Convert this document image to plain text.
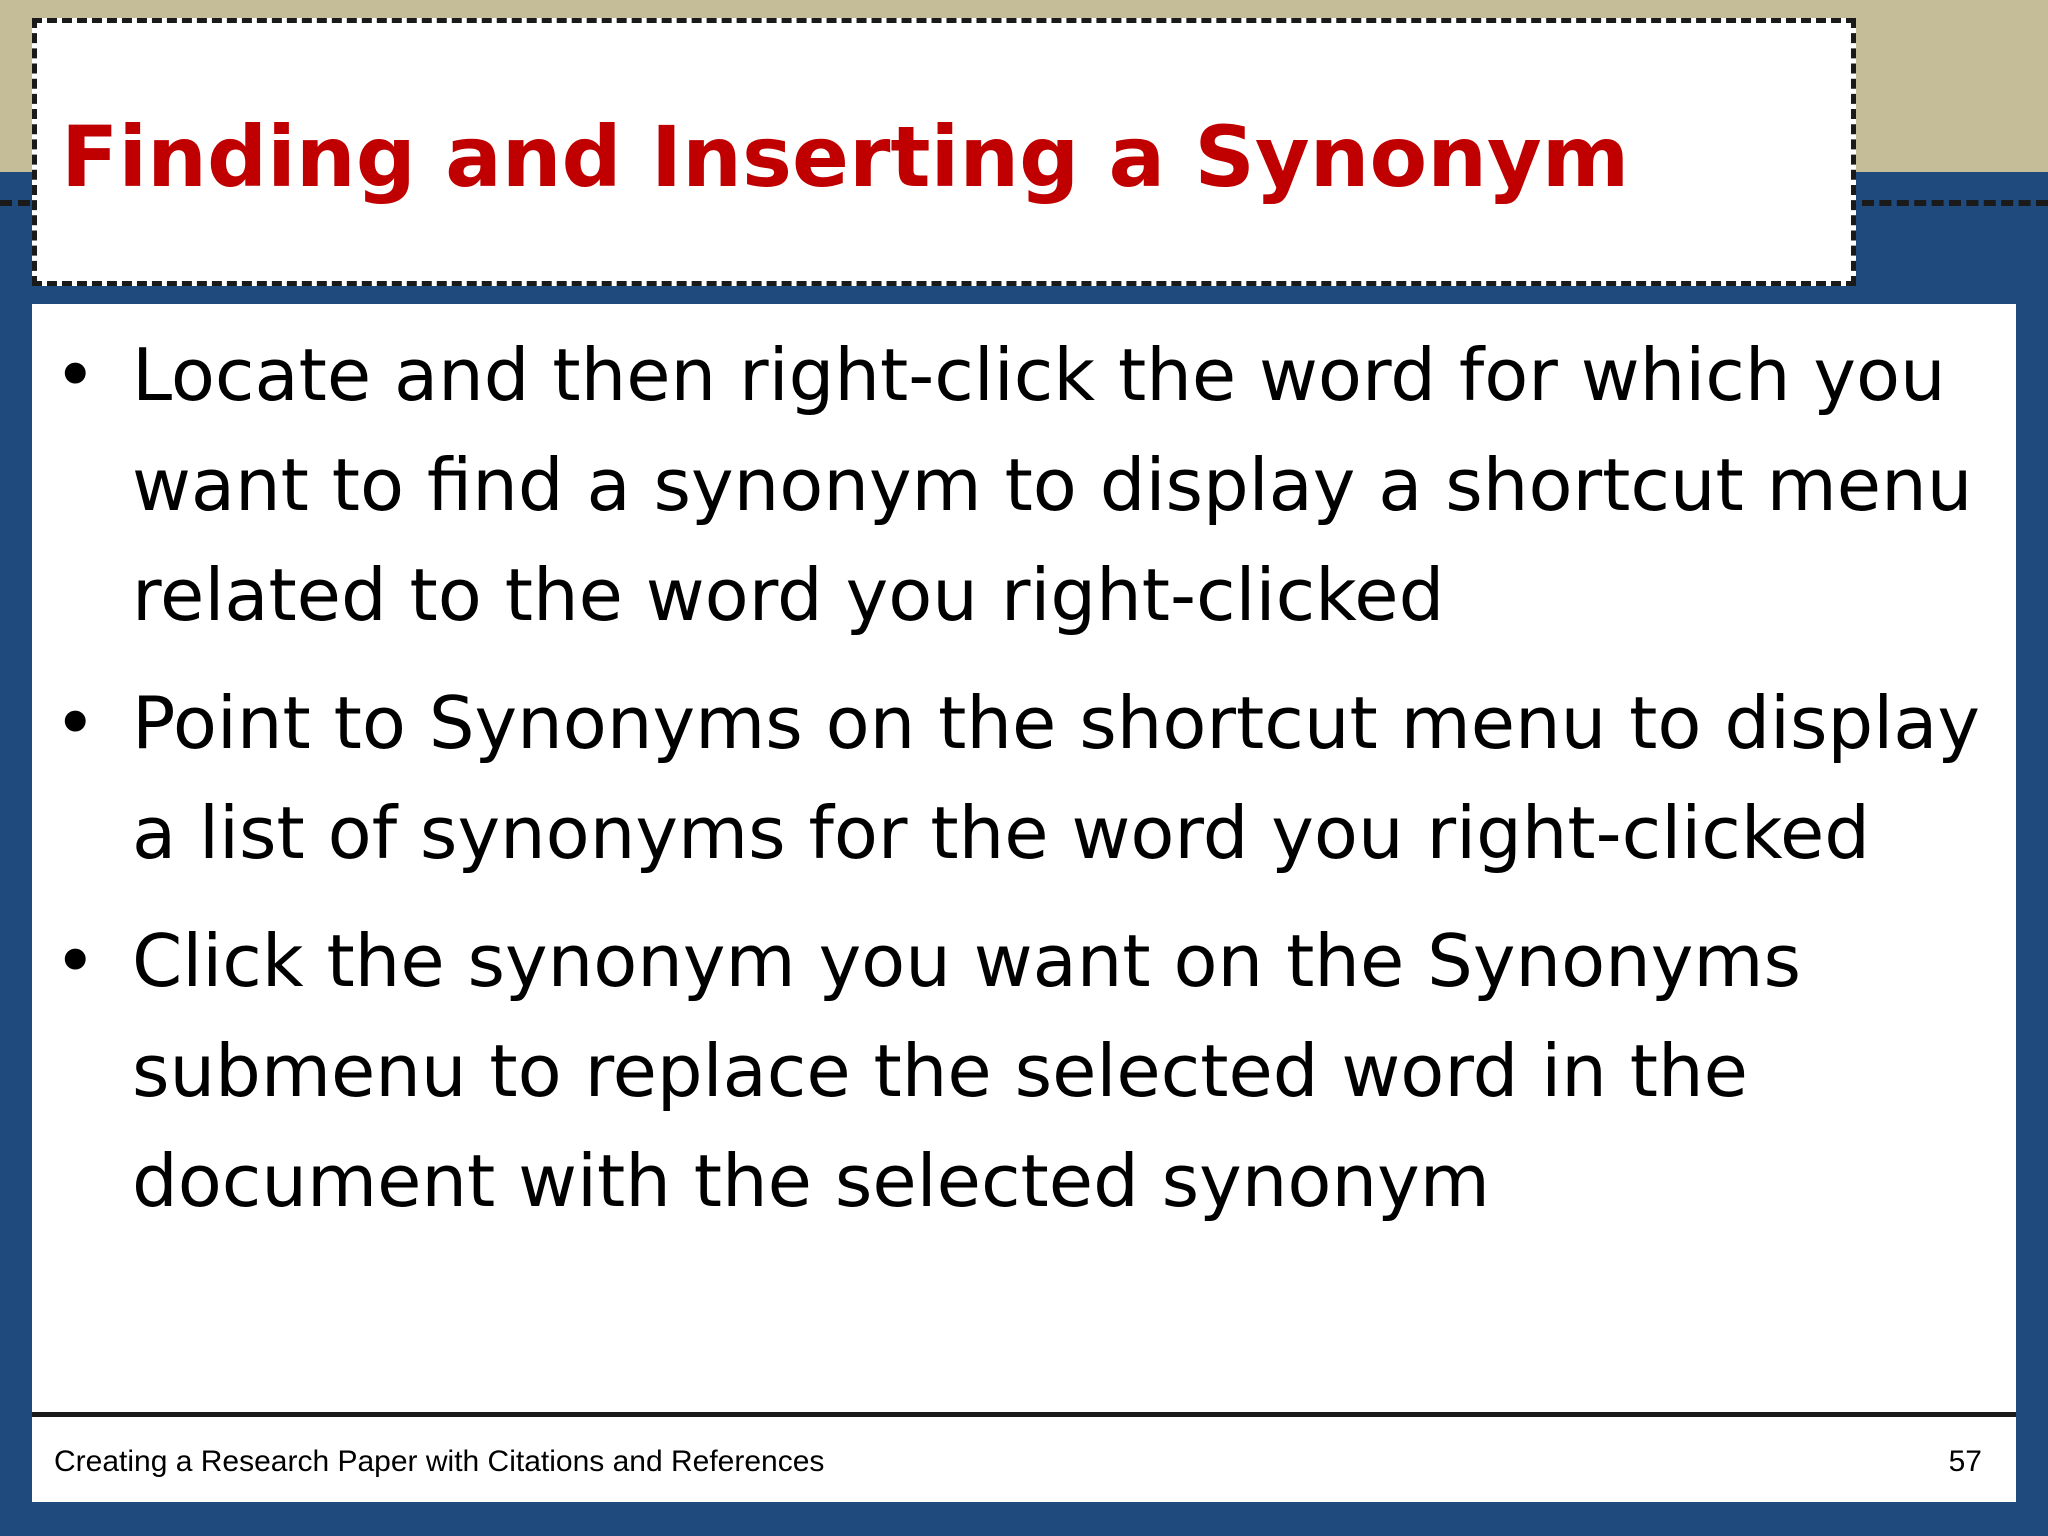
Finding and Inserting a Synonym
• Locate and then right-click the word for which you want to find a synonym to display a shortcut menu related to the word you right-clicked
• Point to Synonyms on the shortcut menu to display a list of synonyms for the word you right-clicked
• Click the synonym you want on the Synonyms submenu to replace the selected word in the document with the selected synonym
Creating a Research Paper with Citations and References	57
